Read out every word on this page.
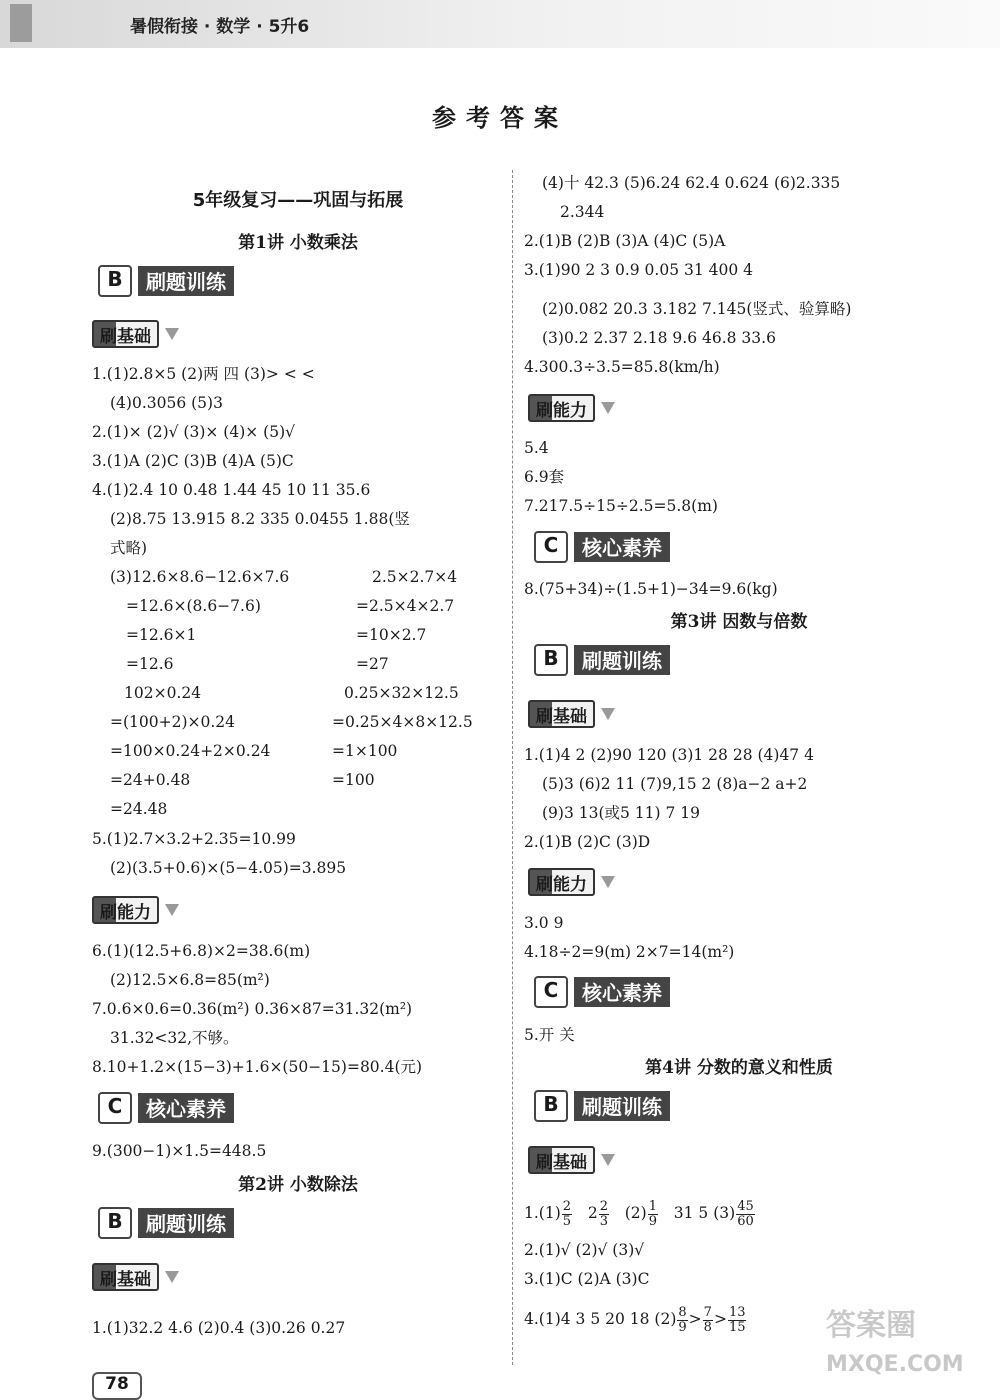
暑假衔接 · 数学 · 5升6
参考答案
5年级复习——巩固与拓展
第1讲 小数乘法
B	刷题训练
刷基础
1.(1)2.8×5 (2)两 四 (3)> < <
(4)0.3056 (5)3
2.(1)× (2)√ (3)× (4)× (5)√
3.(1)A (2)C (3)B (4)A (5)C
4.(1)2.4 10 0.48 1.44 45 10 11 35.6
(2)8.75 13.915 8.2 335 0.0455 1.88(竖
式略)
(3)12.6×8.6−12.6×7.6
=12.6×(8.6−7.6)
=12.6×1
=12.6
102×0.24
=(100+2)×0.24
=100×0.24+2×0.24
=24+0.48
=24.48
2.5×2.7×4
=2.5×4×2.7
=10×2.7
=27
0.25×32×12.5
=0.25×4×8×12.5
=1×100
=100
5.(1)2.7×3.2+2.35=10.99
(2)(3.5+0.6)×(5−4.05)=3.895
刷能力
6.(1)(12.5+6.8)×2=38.6(m)
(2)12.5×6.8=85(m²)
7.0.6×0.6=0.36(m²) 0.36×87=31.32(m²)
31.32<32,不够。
8.10+1.2×(15−3)+1.6×(50−15)=80.4(元)
C	核心素养
9.(300−1)×1.5=448.5
第2讲 小数除法
B	刷题训练
刷基础
1.(1)32.2 4.6 (2)0.4 (3)0.26 0.27
(4)十 42.3 (5)6.24 62.4 0.624 (6)2.335
2.344
2.(1)B (2)B (3)A (4)C (5)A
3.(1)90 2 3 0.9 0.05 31 400 4
(2)0.082 20.3 3.182 7.145(竖式、验算略)
(3)0.2 2.37 2.18 9.6 46.8 33.6
4.300.3÷3.5=85.8(km/h)
刷能力
5.4
6.9套
7.217.5÷15÷2.5=5.8(m)
C	核心素养
8.(75+34)÷(1.5+1)−34=9.6(kg)
第3讲 因数与倍数
B	刷题训练
刷基础
1.(1)4 2 (2)90 120 (3)1 28 28 (4)47 4
(5)3 (6)2 11 (7)9,15 2 (8)a−2 a+2
(9)3 13(或5 11) 7 19
2.(1)B (2)C (3)D
刷能力
3.0 9
4.18÷2=9(m) 2×7=14(m²)
C	核心素养
5.开 关
第4讲 分数的意义和性质
B	刷题训练
刷基础
$1.(1) \frac{2}{5} 2 \frac{2}{3} (2) \frac{1}{9} 31$ 5 $(3) \frac{45}{60}$
2.(1)√ (2)√ (3)√
3.(1)C (2)A (3)C
4.(1)4 3 5 20 18 $(2) \frac{8}{9} > \frac{7}{8} > \frac{13}{15}$
78
答案圈
MXQE.COM
